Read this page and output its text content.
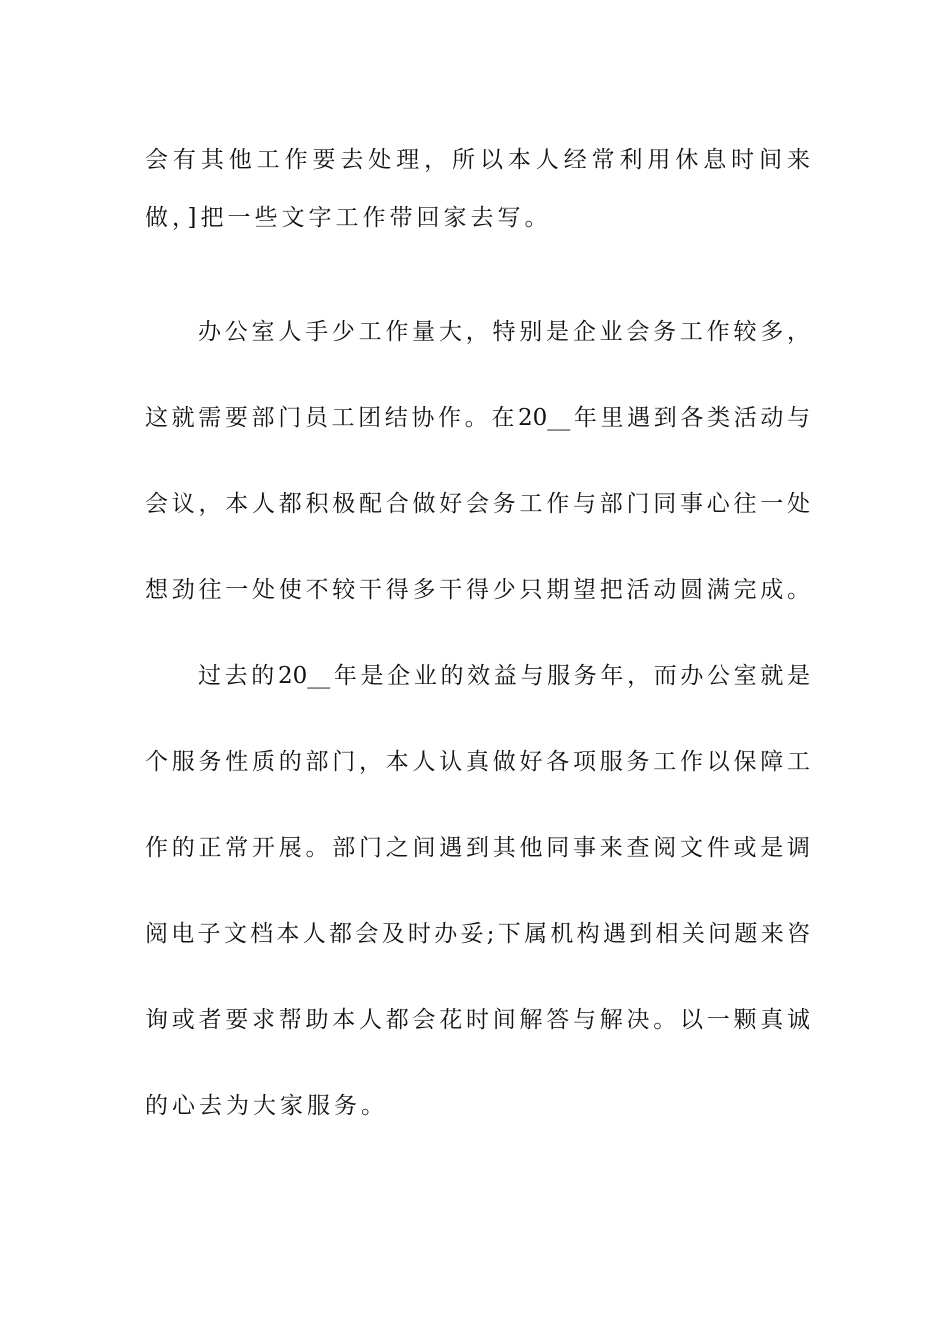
会有其他工作要去处理，所以本人经常利用休息时间来
做，]把一些文字工作带回家去写。
办公室人手少工作量大，特别是企业会务工作较多，
这就需要部门员工团结协作。在20__年里遇到各类活动与
会议，本人都积极配合做好会务工作与部门同事心往一处
想劲往一处使不较干得多干得少只期望把活动圆满完成。
过去的20__年是企业的效益与服务年，而办公室就是
个服务性质的部门，本人认真做好各项服务工作以保障工
作的正常开展。部门之间遇到其他同事来查阅文件或是调
阅电子文档本人都会及时办妥;下属机构遇到相关问题来咨
询或者要求帮助本人都会花时间解答与解决。以一颗真诚
的心去为大家服务。
